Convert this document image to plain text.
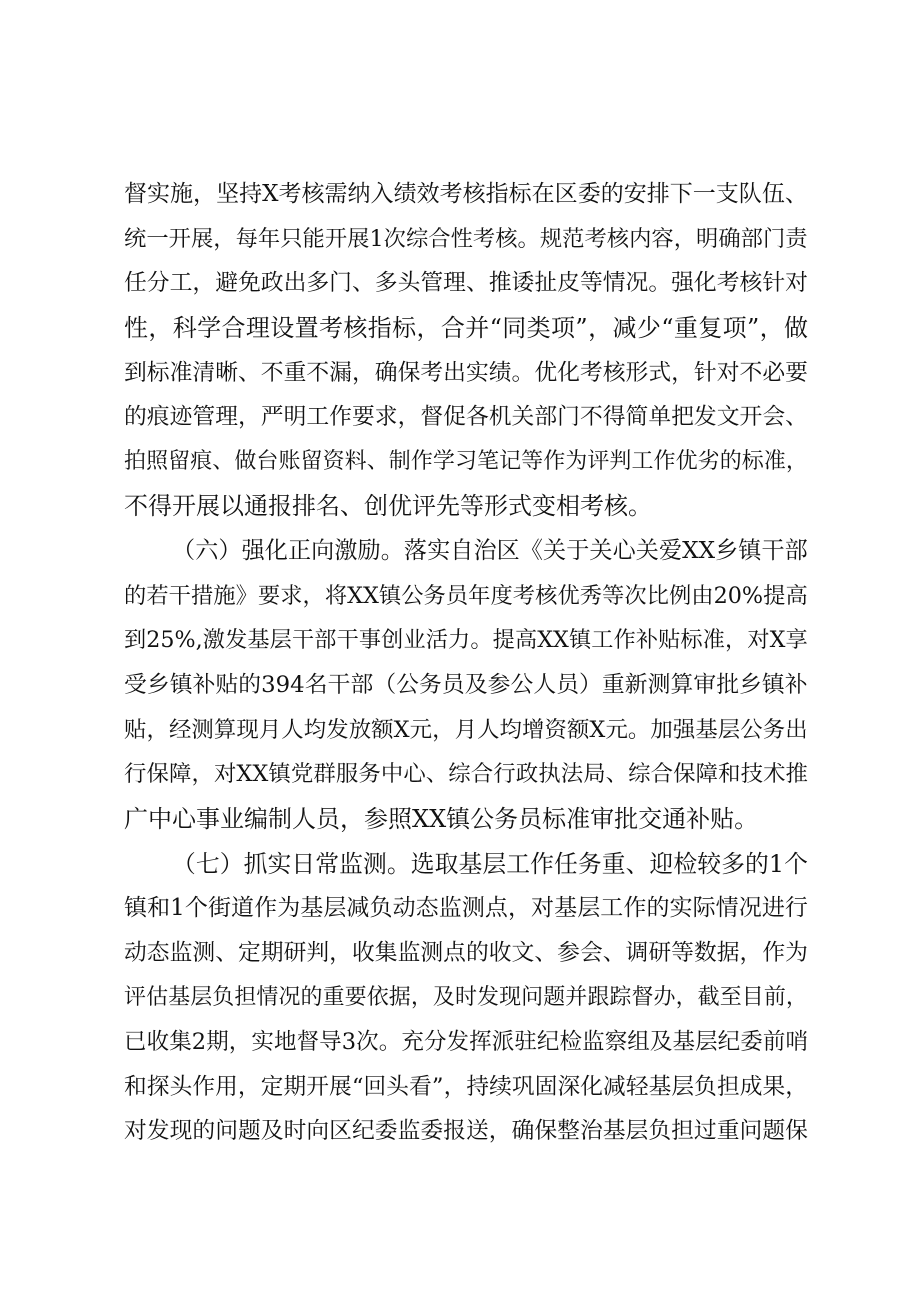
督 实 施 ， 坚 持 X 考 核 需 纳 入 绩 效 考 核 指 标 在 区 委 的 安 排 下 一 支 队 伍 、
统 一 开 展 ， 每 年 只 能 开 展 1 次 综 合 性 考 核 。 规 范 考 核 内 容 ， 明 确 部 门 责
任 分 工 ， 避 免 政 出 多 门 、 多 头 管 理 、 推 诿 扯 皮 等 情 况 。 强 化 考 核 针 对
性 ， 科 学 合 理 设 置 考 核 指 标 ， 合 并 “ 同 类 项 ” ， 减 少 “ 重 复 项 ” ， 做
到 标 准 清 晰 、 不 重 不 漏 ， 确 保 考 出 实 绩 。 优 化 考 核 形 式 ， 针 对 不 必 要
的 痕 迹 管 理 ， 严 明 工 作 要 求 ， 督 促 各 机 关 部 门 不 得 简 单 把 发 文 开 会 、
拍 照 留 痕 、 做 台 账 留 资 料 、 制 作 学 习 笔 记 等 作 为 评 判 工 作 优 劣 的 标 准 ，
不得开展以通报排名、创优评先等形式变相考核。
（ 六 ） 强 化 正 向 激 励 。 落 实 自 治 区 《 关 于 关 心 关 爱 XX 乡 镇 干 部
的 若 干 措 施 》 要 求 ， 将 XX 镇 公 务 员 年 度 考 核 优 秀 等 次 比 例 由 20% 提 高
到 25%, 激 发 基 层 干 部 干 事 创 业 活 力 。 提 高 XX 镇 工 作 补 贴 标 准 ， 对 X 享
受 乡 镇 补 贴 的 394 名 干 部 （ 公 务 员 及 参 公 人 员 ） 重 新 测 算 审 批 乡 镇 补
贴 ， 经 测 算 现 月 人 均 发 放 额 X 元 ， 月 人 均 增 资 额 X 元 。 加 强 基 层 公 务 出
行 保 障 ， 对 XX 镇 党 群 服 务 中 心 、 综 合 行 政 执 法 局 、 综 合 保 障 和 技 术 推
广中心事业编制人员，参照XX镇公务员标准审批交通补贴。
（ 七 ） 抓 实 日 常 监 测 。 选 取 基 层 工 作 任 务 重 、 迎 检 较 多 的 1 个
镇 和 1 个 街 道 作 为 基 层 减 负 动 态 监 测 点 ， 对 基 层 工 作 的 实 际 情 况 进 行
动 态 监 测 、 定 期 研 判 ， 收 集 监 测 点 的 收 文 、 参 会 、 调 研 等 数 据 ， 作 为
评 估 基 层 负 担 情 况 的 重 要 依 据 ， 及 时 发 现 问 题 并 跟 踪 督 办 ， 截 至 目 前 ，
已 收 集 2 期 ， 实 地 督 导 3 次 。 充 分 发 挥 派 驻 纪 检 监 察 组 及 基 层 纪 委 前 哨
和 探 头 作 用 ， 定 期 开 展 “ 回 头 看 ” ， 持 续 巩 固 深 化 减 轻 基 层 负 担 成 果 ，
对 发 现 的 问 题 及 时 向 区 纪 委 监 委 报 送 ， 确 保 整 治 基 层 负 担 过 重 问 题 保
